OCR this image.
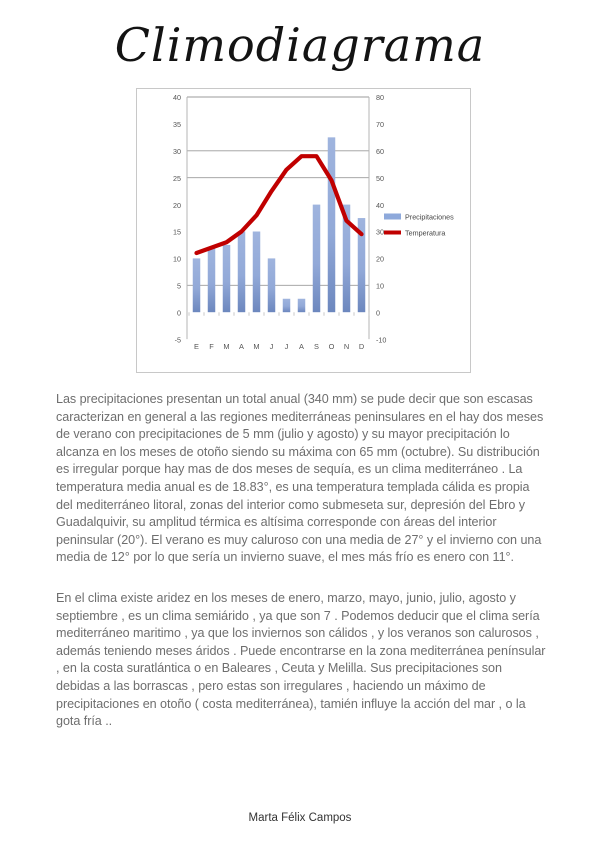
Climodiagrama
40
35
30
25
20
15
10
5
0
-5
80
70
60
50
40
30
20
10
0
-10
E F M A M J J A S O N D
Precipitaciones
Temperatura
Las precipitaciones presentan un total anual (340 mm) se pude decir que son escasas caracterizan en general a las regiones mediterráneas peninsulares en el hay dos meses de verano con precipitaciones de 5 mm (julio y agosto) y su mayor precipitación lo alcanza en los meses de otoño siendo su máxima con 65 mm (octubre). Su distribución es irregular porque hay mas de dos meses de sequía, es un clima mediterráneo . La temperatura media anual es de 18.83°, es una temperatura templada cálida es propia del mediterráneo litoral, zonas del interior como submeseta sur, depresión del Ebro y Guadalquivir, su amplitud térmica es altísima corresponde con áreas del interior peninsular (20°). El verano es muy caluroso con una media de 27° y el invierno con una media de 12° por lo que sería un invierno suave, el mes más frío es enero con 11°.
En el clima existe aridez en los meses de enero, marzo, mayo, junio, julio, agosto y septiembre , es un clima semiárido , ya que son 7 . Podemos deducir que el clima sería mediterráneo maritimo , ya que los inviernos son cálidos , y los veranos son calurosos , además teniendo meses áridos . Puede encontrarse en la zona mediterránea penínsular , en la costa suratlántica o en Baleares , Ceuta y Melilla. Sus precipitaciones son debidas a las borrascas , pero estas son irregulares , haciendo un máximo de precipitaciones en otoño ( costa mediterránea), tamién influye la acción del mar , o la gota fría ..
Marta Félix Campos
